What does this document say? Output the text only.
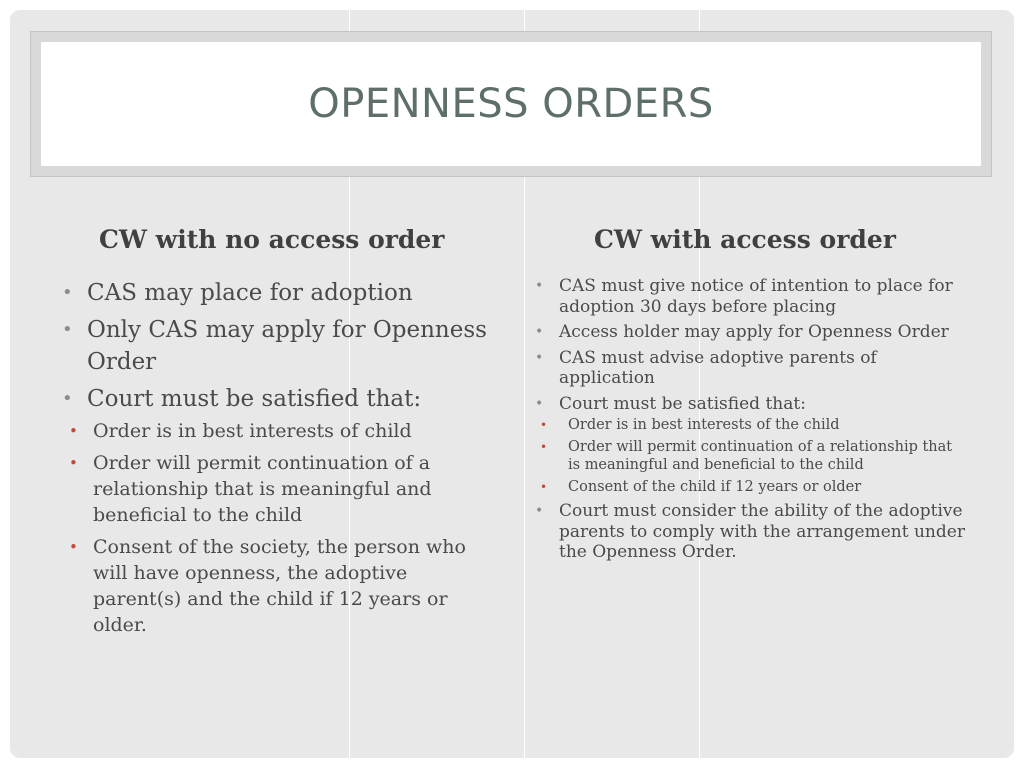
OPENNESS ORDERS
CW with no access order	CW with access order
• CAS may place for adoption
• Only CAS may apply for Openness Order
• Court must be satisfied that:
• Order is in best interests of child
• Order will permit continuation of a relationship that is meaningful and beneficial to the child
• Consent of the society, the person who will have openness, the adoptive parent(s) and the child if 12 years or older.
• CAS must give notice of intention to place for adoption 30 days before placing
• Access holder may apply for Openness Order
• CAS must advise adoptive parents of application
• Court must be satisfied that:
• Order is in best interests of the child
• Order will permit continuation of a relationship that is meaningful and beneficial to the child
• Consent of the child if 12 years or older
• Court must consider the ability of the adoptive parents to comply with the arrangement under the Openness Order.
